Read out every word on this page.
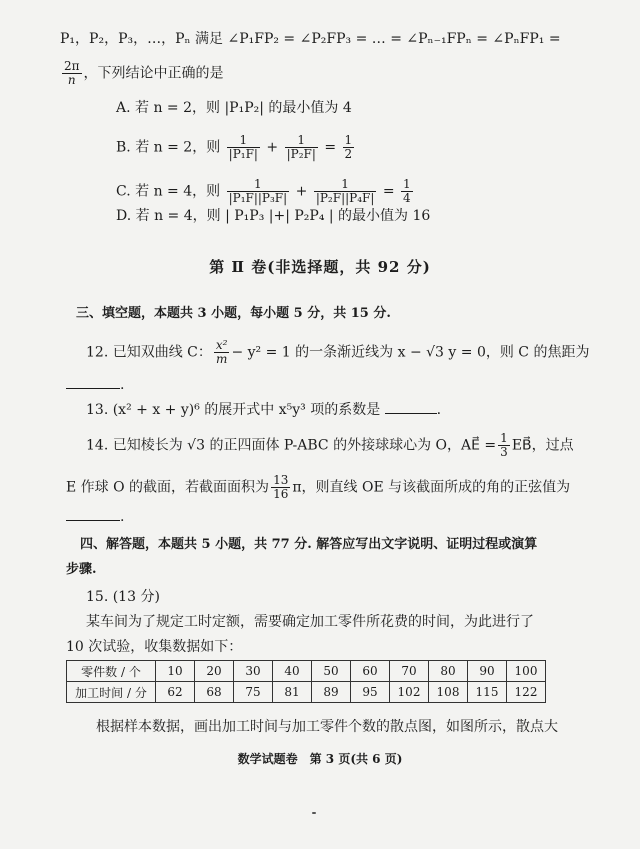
P₁，P₂，P₃，…，Pₙ 满足 ∠P₁FP₂ = ∠P₂FP₃ = … = ∠Pₙ₋₁FPₙ = ∠PₙFP₁ =
$\frac{2\pi}{n}$ ，下列结论中正确的是
A. 若 n = 2，则 |P₁P₂| 的最小值为 4
B. 若 n = 2，则 $\frac{1}{\text{|P₁F|}} + \frac{1}{\text{|P₂F|}} = \frac{1}{2}$
C. 若 n = 4，则 $\frac{1}{\text{|P₁F||P₃F|}} + \frac{1}{\text{|P₂F||P₄F|}} = \frac{1}{4}$
D. 若 n = 4，则 | P₁P₃ |+| P₂P₄ | 的最小值为 16
第 Ⅱ 卷(非选择题，共 92 分)
三、填空题，本题共 3 小题，每小题 5 分，共 15 分.
12. 已知双曲线 C： $\frac{\text{x²}}{m} - y^2 = 1$ 的一条渐近线为 x − √3 y = 0，则 C 的焦距为
.
13. (x² + x + y)⁶ 的展开式中 x⁵y³ 项的系数是	.
14. 已知棱长为 √3 的正四面体 P-ABC 的外接球球心为 O，AE⃗ = $\frac{1}{3}$ EB⃗，过点
E 作球 O 的截面，若截面面积为 $\frac{13}{16}$ π，则直线 OE 与该截面所成的角的正弦值为
.
四、解答题，本题共 5 小题，共 77 分. 解答应写出文字说明、证明过程或演算
步骤.
15. (13 分)
某车间为了规定工时定额，需要确定加工零件所花费的时间，为此进行了
10 次试验，收集数据如下：
零件数 / 个	10	20	30	40	50	60	70	80	90	100
加工时间 / 分	62	68	75	81	89	95	102	108	115	122
根据样本数据，画出加工时间与加工零件个数的散点图，如图所示，散点大
数学试题卷　第 3 页(共 6 页)
